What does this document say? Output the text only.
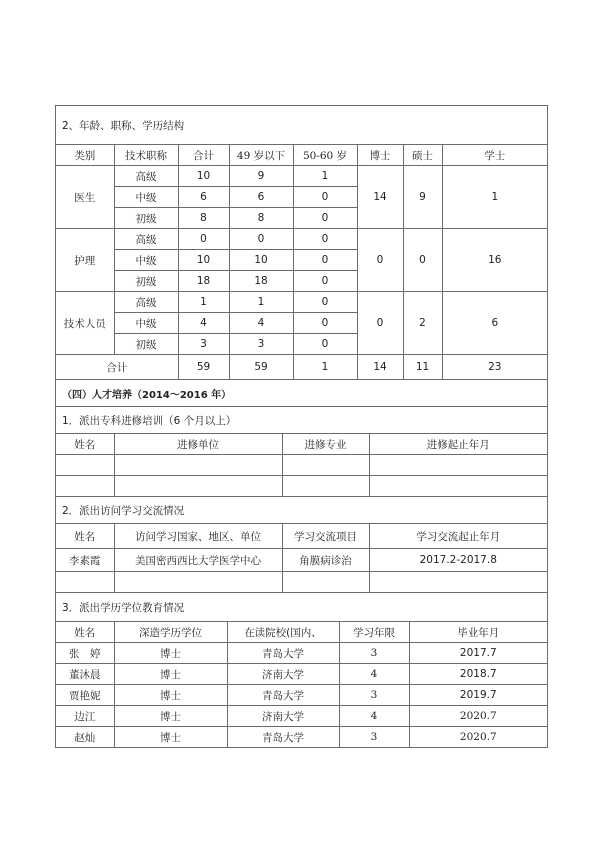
2、年龄、职称、学历结构							
类别	技术职称	合计	49 岁以下	50-60 岁	博士	硕士	学士
医生	高级	10	9	1	14	9	1
	中级	6	6	0			
	初级	8	8	0			
护理	高级	0	0	0	0	0	16
	中级	10	10	0			
	初级	18	18	0			
技术人员	高级	1	1	0	0	2	6
	中级	4	4	0			
	初级	3	3	0			
合计		59	59	1	14	11	23
（四）人才培养（2014～2016 年）							
1．派出专科进修培训（6 个月以上）			
姓名	进修单位	进修专业	进修起止年月

2．派出访问学习交流情况			
姓名	访问学习国家、地区、单位	学习交流项目	学习交流起止年月
李素霞	美国密西西比大学医学中心	角膜病诊治	2017.2-2017.8

3．派出学历学位教育情况				
姓名	深造学历学位	在读院校(国内、	学习年限	毕业年月
张　婷	博士	青岛大学	3	2017.7
董沐晨	博士	济南大学	4	2018.7
贾艳妮	博士	青岛大学	3	2019.7
边江	博士	济南大学	4	2020.7
赵灿	博士	青岛大学	3	2020.7
